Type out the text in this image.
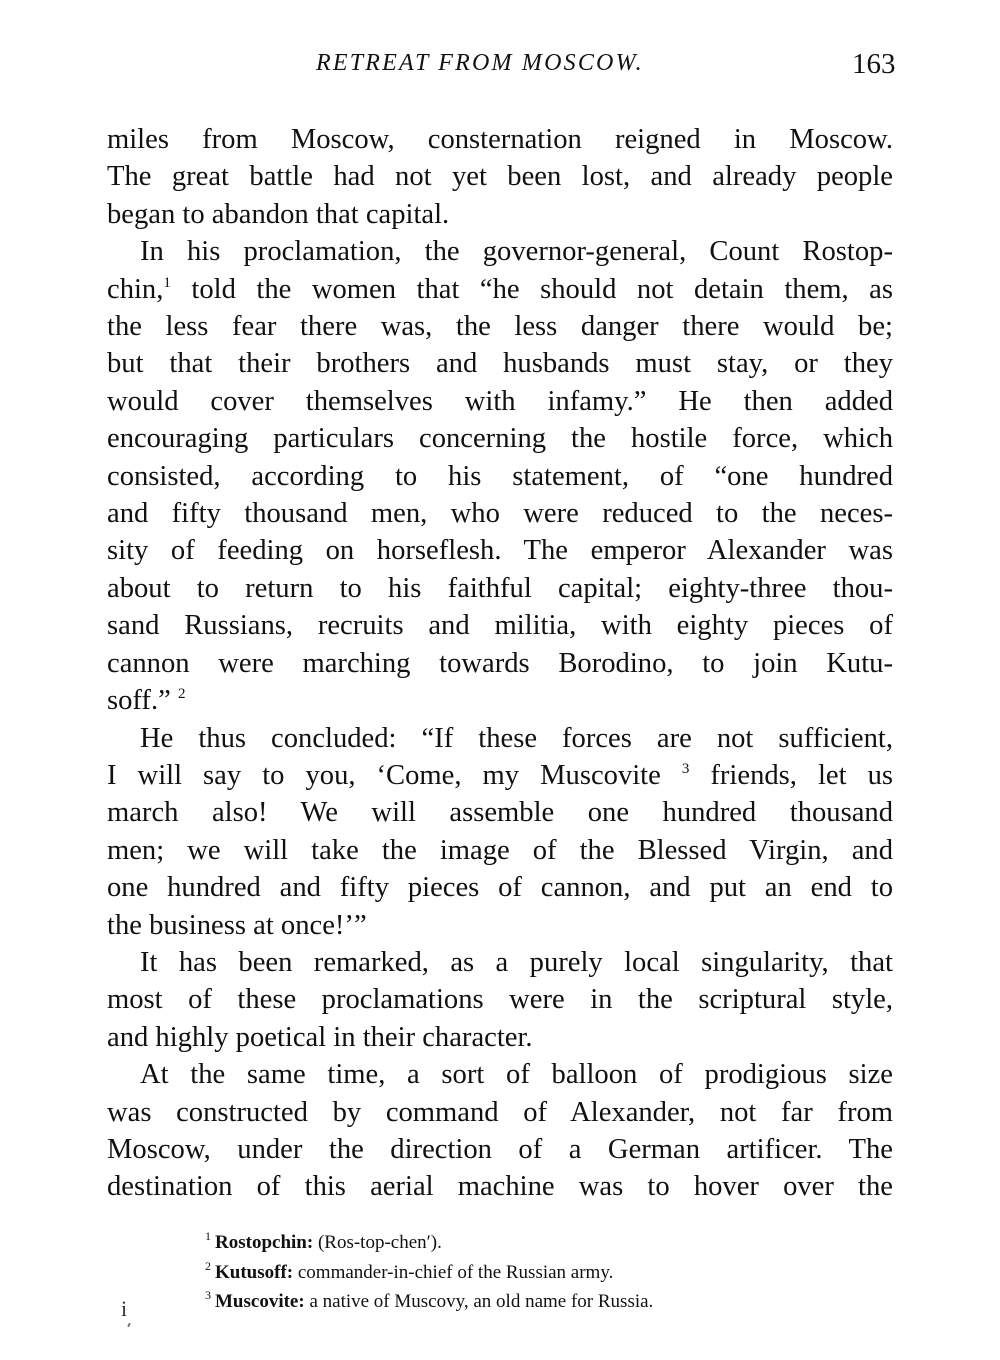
RETREAT FROM MOSCOW.	163

miles from Moscow, consternation reigned in Moscow.
The great battle had not yet been lost, and already people
began to abandon that capital.

In his proclamation, the governor-general, Count Rostop-
chin,$^1$ told the women that “he should not detain them, as
the less fear there was, the less danger there would be;
but that their brothers and husbands must stay, or they
would cover themselves with infamy.” He then added
encouraging particulars concerning the hostile force, which
consisted, according to his statement, of “one hundred
and fifty thousand men, who were reduced to the neces-
sity of feeding on horseflesh. The emperor Alexander was
about to return to his faithful capital; eighty-three thou-
sand Russians, recruits and militia, with eighty pieces of
cannon were marching towards Borodino, to join Kutu-
soff.” $^2$

He thus concluded: “If these forces are not sufficient,
I will say to you, ‘Come, my Muscovite $^3$ friends, let us
march also! We will assemble one hundred thousand
men; we will take the image of the Blessed Virgin, and
one hundred and fifty pieces of cannon, and put an end to
the business at once!’”

It has been remarked, as a purely local singularity, that
most of these proclamations were in the scriptural style,
and highly poetical in their character.

At the same time, a sort of balloon of prodigious size
was constructed by command of Alexander, not far from
Moscow, under the direction of a German artificer. The
destination of this aerial machine was to hover over the

$^1$ Rostopchin: (Ros-top-chen′).
$^2$ Kutusoff: commander-in-chief of the Russian army.
$^3$ Muscovite: a native of Muscovy, an old name for Russia.
i
